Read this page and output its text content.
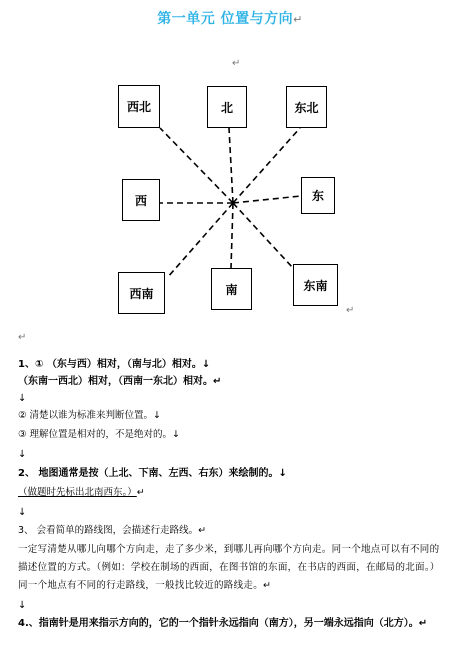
第一单元 位置与方向↵
↵
西北	北	东北
西	东
西南	南	东南
↵
↵
1、① （东与西）相对，（南与北）相对。↓
（东南一西北）相对，（西南一东北）相对。↵
↓
② 清楚以谁为标准来判断位置。↓
③ 理解位置是相对的，不是绝对的。↓
↓
2、 地图通常是按（上北、下南、左西、右东）来绘制的。↓
（做题时先标出北南西东。）↵
↓
3、 会看简单的路线图，会描述行走路线。↵
一定写清楚从哪儿向哪个方向走，走了多少米，到哪儿再向哪个方向走。同一个地点可以有不同的描述位置的方式。（例如：学校在制场的西面，在图书馆的东面，在书店的西面，在邮局的北面。）同一个地点有不同的行走路线，一般找比较近的路线走。↵
↓
4.、指南针是用来指示方向的，它的一个指针永远指向（南方），另一端永远指向（北方）。↵
